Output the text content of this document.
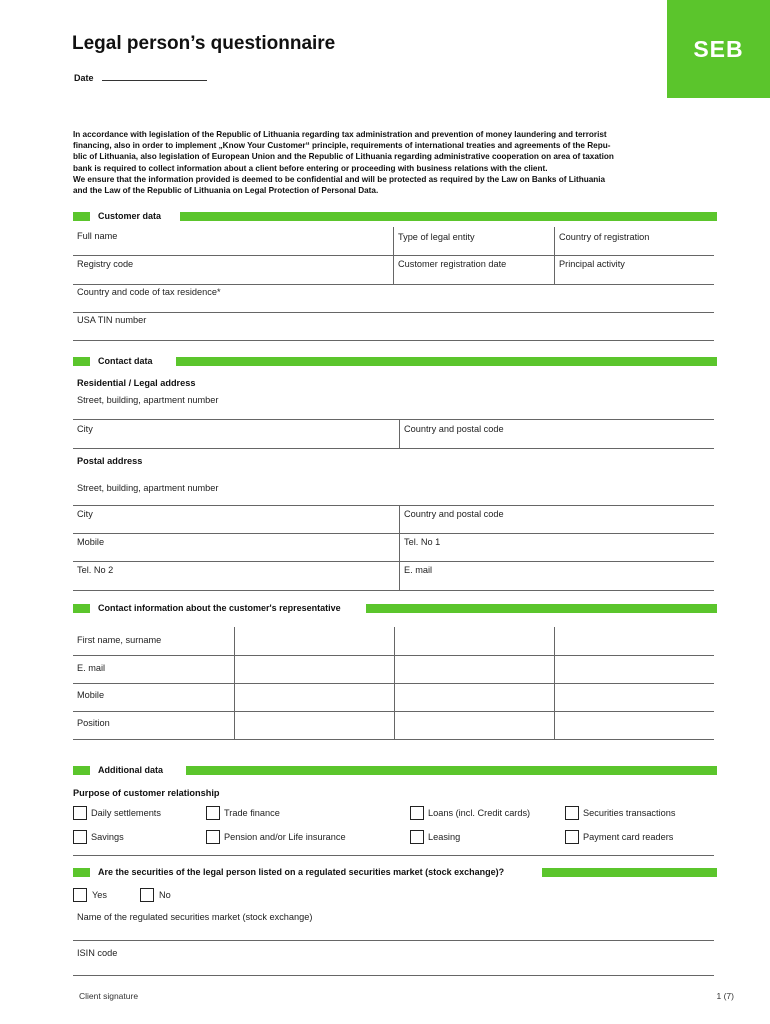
SEB
Legal person’s questionnaire
Date
In accordance with legislation of the Republic of Lithuania regarding tax administration and prevention of money laundering and terrorist
financing, also in order to implement „Know Your Customer“ principle, requirements of international treaties and agreements of the Repu-
blic of Lithuania, also legislation of European Union and the Republic of Lithuania regarding administrative cooperation on area of taxation
bank is required to collect information about a client before entering or proceeding with business relations with the client.
We ensure that the information provided is deemed to be confidential and will be protected as required by the Law on Banks of Lithuania
and the Law of the Republic of Lithuania on Legal Protection of Personal Data.
Customer data
Full name	Type of legal entity	Country of registration
Registry code	Customer registration date	Principal activity
Country and code of tax residence*
USA TIN number
Contact data
Residential / Legal address
Street, building, apartment number
City	Country and postal code
Postal address
Street, building, apartment number
City	Country and postal code
Mobile	Tel. No 1
Tel. No 2	E. mail
Contact information about the customer's representative
First name, surname
E. mail
Mobile
Position
Additional data
Purpose of customer relationship
Daily settlements	Trade finance	Loans (incl. Credit cards)	Securities transactions
Savings	Pension and/or Life insurance	Leasing	Payment card readers
Are the securities of the legal person listed on a regulated securities market (stock exchange)?
Yes	No
Name of the regulated securities market (stock exchange)
ISIN code
Client signature	1 (7)
